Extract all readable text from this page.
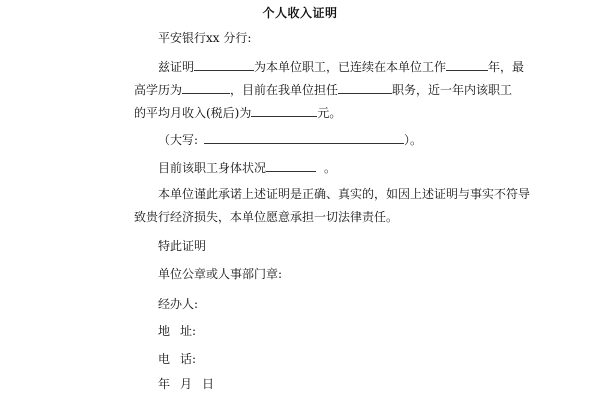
个人收入证明
平安银行xx 分行:
兹证明	为本单位职工，已连续在本单位工作	年，最
高学历为	，目前在我单位担任	职务，近一年内该职工
的平均月收入(税后)为	元。
（大写:	）。
目前该职工身体状况	。
本单位谨此承诺上述证明是正确、真实的，如因上述证明与事实不符导
致贵行经济损失，本单位愿意承担一切法律责任。
特此证明
单位公章或人事部门章:
经办人:
地 址:
电 话:
年 月 日
